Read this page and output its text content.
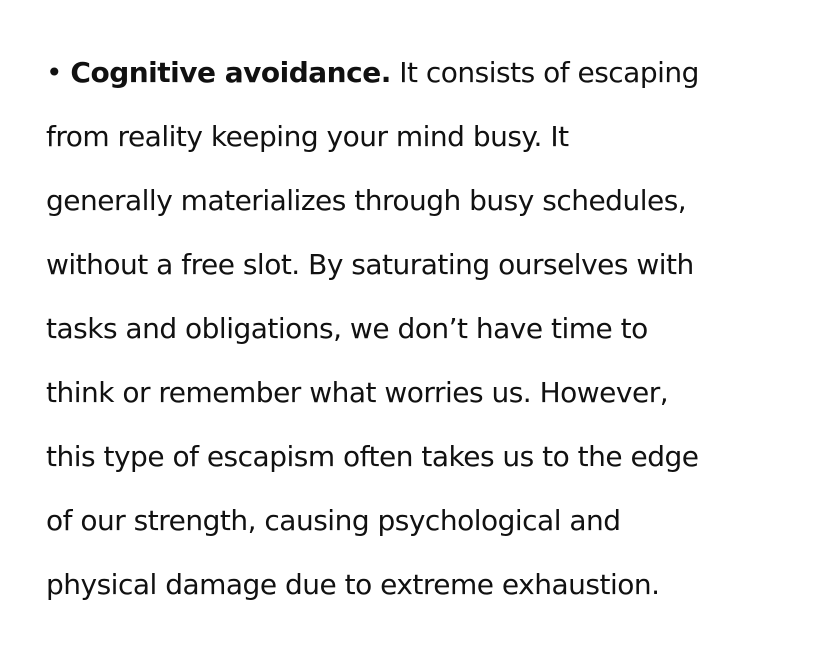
• Cognitive avoidance. It consists of escaping
from reality keeping your mind busy. It
generally materializes through busy schedules,
without a free slot. By saturating ourselves with
tasks and obligations, we don’t have time to
think or remember what worries us. However,
this type of escapism often takes us to the edge
of our strength, causing psychological and
physical damage due to extreme exhaustion.
